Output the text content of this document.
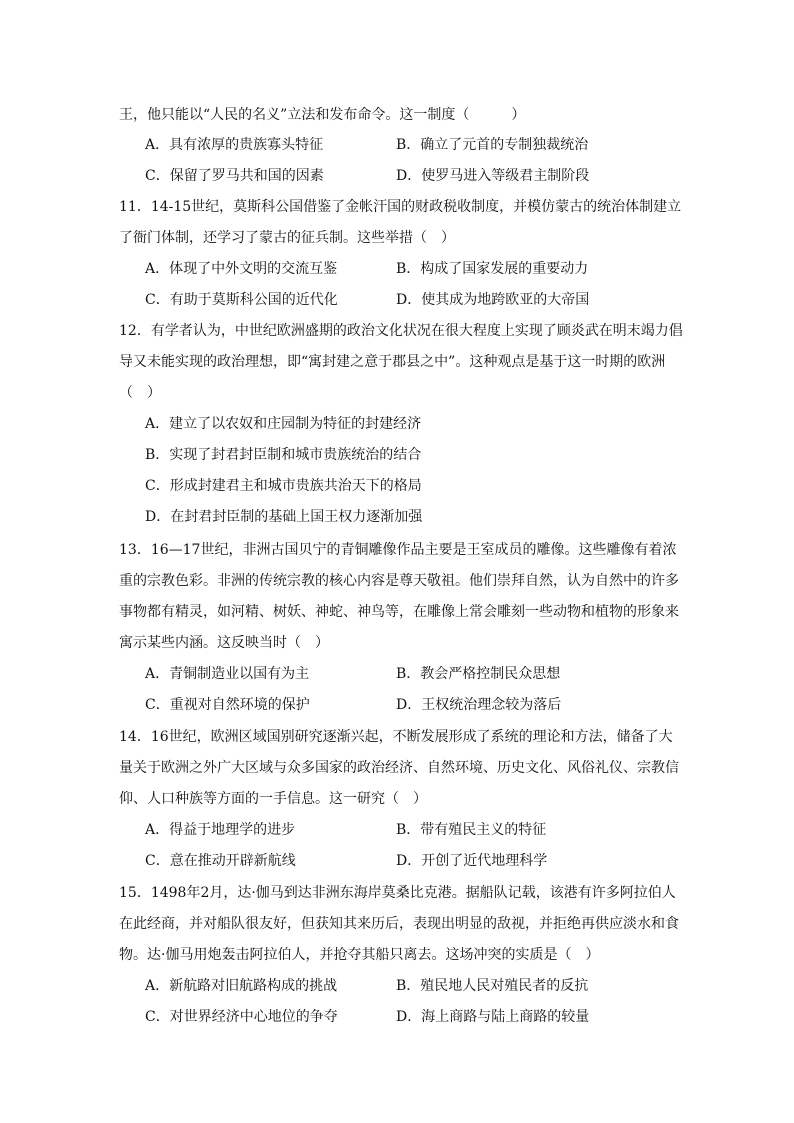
王，他只能以“人民的名义”立法和发布命令。这一制度（　　　）
A．具有浓厚的贵族寡头特征	B．确立了元首的专制独裁统治
C．保留了罗马共和国的因素	D．使罗马进入等级君主制阶段
11．14-15世纪，莫斯科公国借鉴了金帐汗国的财政税收制度，并模仿蒙古的统治体制建立
了衙门体制，还学习了蒙古的征兵制。这些举措（　）
A．体现了中外文明的交流互鉴	B．构成了国家发展的重要动力
C．有助于莫斯科公国的近代化	D．使其成为地跨欧亚的大帝国
12．有学者认为，中世纪欧洲盛期的政治文化状况在很大程度上实现了顾炎武在明末竭力倡
导又未能实现的政治理想，即“寓封建之意于郡县之中”。这种观点是基于这一时期的欧洲
（　）
A．建立了以农奴和庄园制为特征的封建经济
B．实现了封君封臣制和城市贵族统治的结合
C．形成封建君主和城市贵族共治天下的格局
D．在封君封臣制的基础上国王权力逐渐加强
13．16—17世纪，非洲古国贝宁的青铜雕像作品主要是王室成员的雕像。这些雕像有着浓
重的宗教色彩。非洲的传统宗教的核心内容是尊天敬祖。他们崇拜自然，认为自然中的许多
事物都有精灵，如河精、树妖、神蛇、神鸟等，在雕像上常会雕刻一些动物和植物的形象来
寓示某些内涵。这反映当时（　）
A．青铜制造业以国有为主	B．教会严格控制民众思想
C．重视对自然环境的保护	D．王权统治理念较为落后
14．16世纪，欧洲区域国别研究逐渐兴起，不断发展形成了系统的理论和方法，储备了大
量关于欧洲之外广大区域与众多国家的政治经济、自然环境、历史文化、风俗礼仪、宗教信
仰、人口种族等方面的一手信息。这一研究（　）
A．得益于地理学的进步	B．带有殖民主义的特征
C．意在推动开辟新航线	D．开创了近代地理科学
15．1498年2月，达·伽马到达非洲东海岸莫桑比克港。据船队记载，该港有许多阿拉伯人
在此经商，并对船队很友好，但获知其来历后，表现出明显的敌视，并拒绝再供应淡水和食
物。达·伽马用炮轰击阿拉伯人，并抢夺其船只离去。这场冲突的实质是（　）
A．新航路对旧航路构成的挑战	B．殖民地人民对殖民者的反抗
C．对世界经济中心地位的争夺	D．海上商路与陆上商路的较量
